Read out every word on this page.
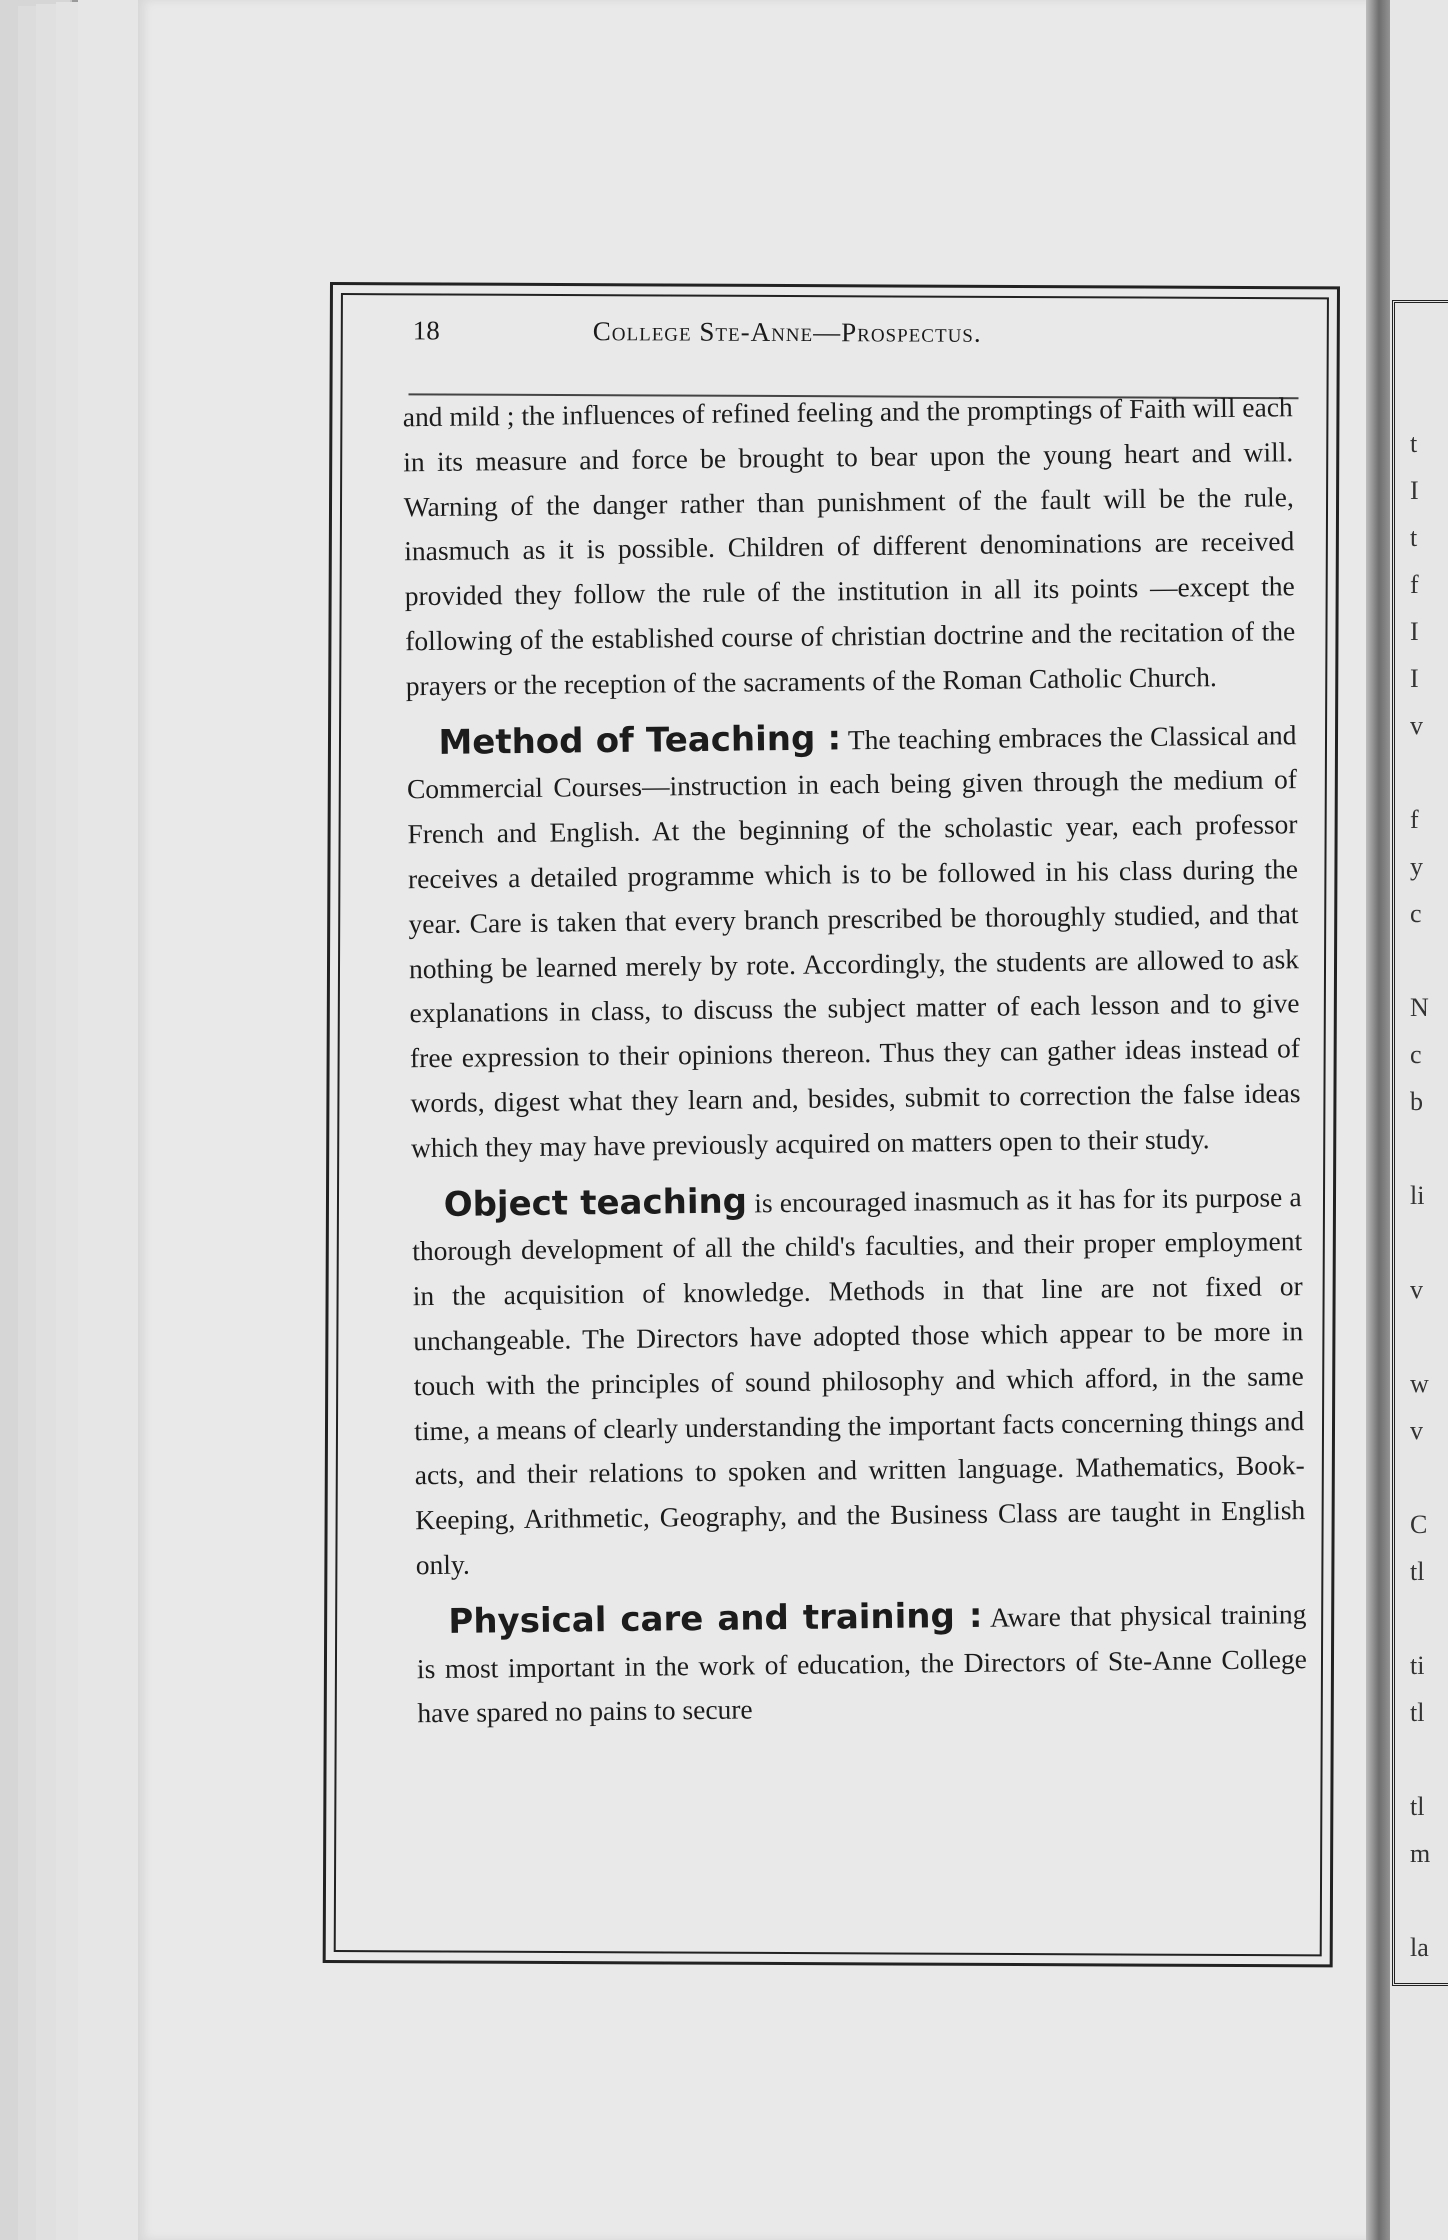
t
I
t
f
I
I
v

f
y
c

N
c
b

li

v

w
v

C
tl

ti
tl

tl
m

la
18	College Ste-Anne—Prospectus.

and mild ; the influences of refined feeling and the promptings of Faith will each in its measure and force be brought to bear upon the young heart and will. Warning of the danger rather than punishment of the fault will be the rule, inasmuch as it is possible. Children of different denominations are received provided they follow the rule of the institution in all its points —except the following of the established course of christian doctrine and the recitation of the prayers or the reception of the sacraments of the Roman Catholic Church.

Method of Teaching : The teaching embraces the Classical and Commercial Courses—instruction in each being given through the medium of French and English. At the beginning of the scholastic year, each professor receives a detailed programme which is to be followed in his class during the year. Care is taken that every branch prescribed be thoroughly studied, and that nothing be learned merely by rote. Accordingly, the students are allowed to ask explanations in class, to discuss the subject matter of each lesson and to give free expression to their opinions thereon. Thus they can gather ideas instead of words, digest what they learn and, besides, submit to correction the false ideas which they may have previously acquired on matters open to their study.

Object teaching is encouraged inasmuch as it has for its purpose a thorough development of all the child's faculties, and their proper employment in the acquisition of knowledge. Methods in that line are not fixed or unchangeable. The Directors have adopted those which appear to be more in touch with the principles of sound philosophy and which afford, in the same time, a means of clearly understanding the important facts concerning things and acts, and their relations to spoken and written language. Mathematics, Book-Keeping, Arithmetic, Geography, and the Business Class are taught in English only.

Physical care and training : Aware that physical training is most important in the work of education, the Directors of Ste-Anne College have spared no pains to secure
